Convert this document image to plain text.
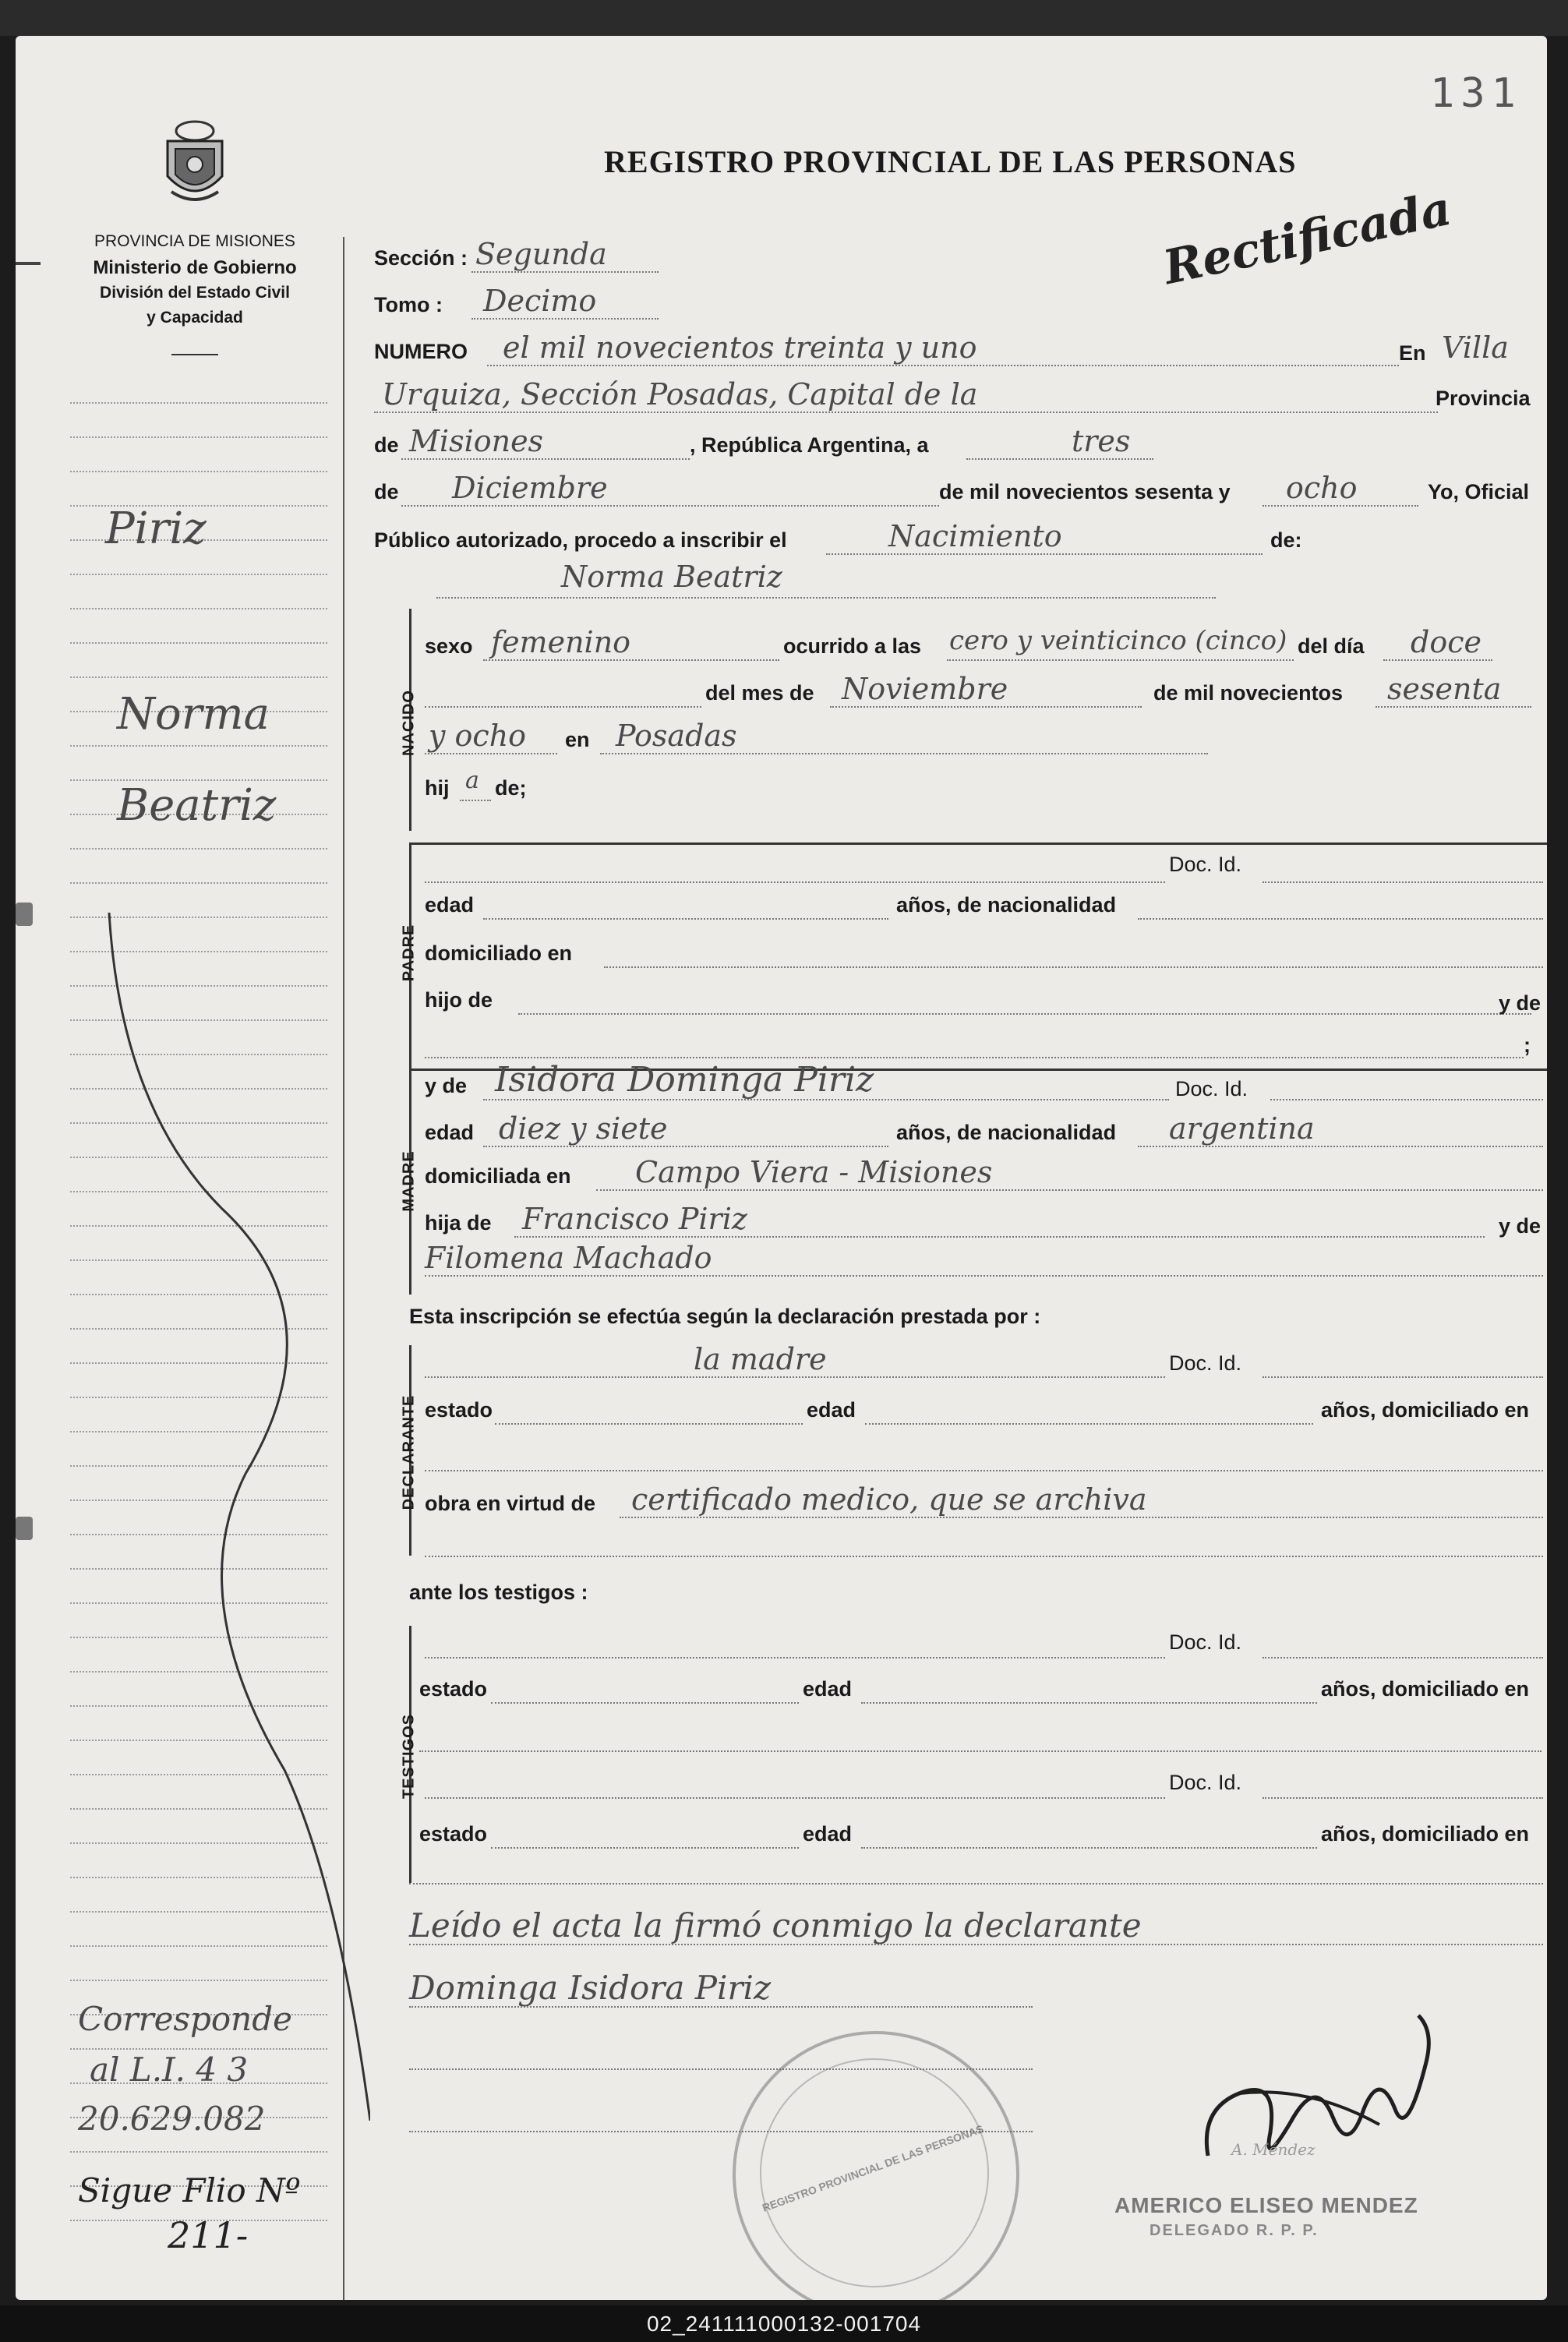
131
PROVINCIA DE MISIONES
Ministerio de Gobierno
División del Estado Civil
y Capacidad
REGISTRO PROVINCIAL DE LAS PERSONAS
Rectificada
Piriz
Norma
Beatriz
Corresponde
al L.I. 4 3
20.629.082
Sigue Flio Nº
211-
Sección : Segunda
Tomo : Decimo
NUMERO el mil novecientos treinta y uno	En Villa
Urquiza, Sección Posadas, Capital de la	Provincia
de Misiones	, República Argentina, a	tres
de Diciembre	de mil novecientos sesenta y ocho	Yo, Oficial
Público autorizado, procedo a inscribir el	Nacimiento	de:
Norma Beatriz
NACIDO
sexo femenino	ocurrido a las cero y veinticinco (cinco) del día doce
del mes de Noviembre	de mil novecientos sesenta
y ocho en Posadas
hij a de;
PADRE
Doc. Id.
edad	años, de nacionalidad
domiciliado en
hijo de	y de
;
MADRE
y de Isidora Dominga Piriz	Doc. Id.
edad diez y siete	años, de nacionalidad argentina
domiciliada en Campo Viera - Misiones
hija de Francisco Piriz	y de
Filomena Machado
Esta inscripción se efectúa según la declaración prestada por :
DECLARANTE
la madre	Doc. Id.
estado	edad	años, domiciliado en
obra en virtud de certificado medico, que se archiva
ante los testigos :
TESTIGOS
Doc. Id.
estado	edad	años, domiciliado en
Doc. Id.
estado	edad	años, domiciliado en
Leído el acta la firmó conmigo la declarante
Dominga Isidora Piriz
REGISTRO PROVINCIAL DE LAS PERSONAS	A. Méndez
AMERICO ELISEO MENDEZ
DELEGADO R. P. P.
02_241111000132-001704
